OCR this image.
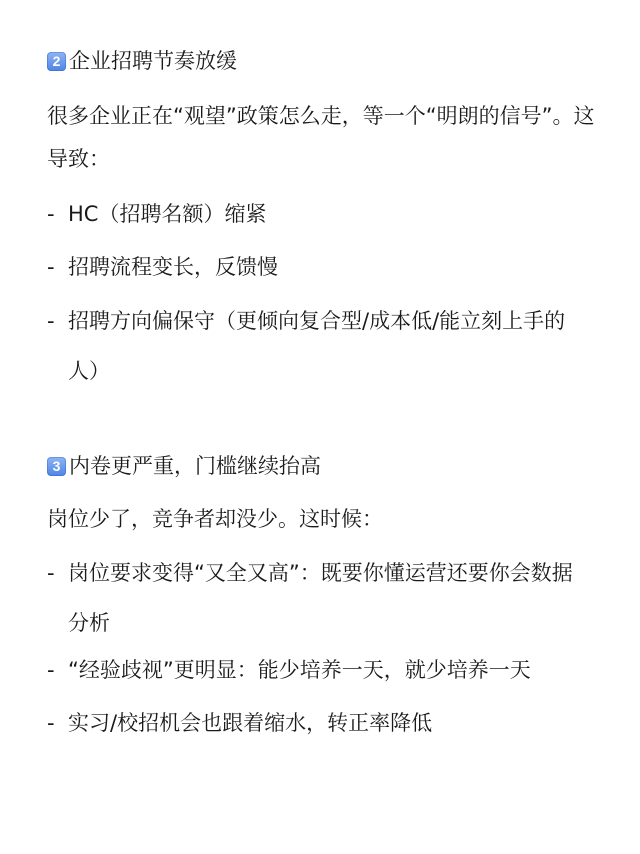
2 企业招聘节奏放缓
很多企业正在“观望”政策怎么走，等一个“明朗的信号”。这
导致：
- HC（招聘名额）缩紧
- 招聘流程变长，反馈慢
- 招聘方向偏保守（更倾向复合型/成本低/能立刻上手的
人）
3 内卷更严重，门槛继续抬高
岗位少了，竞争者却没少。这时候：
- 岗位要求变得“又全又高”：既要你懂运营还要你会数据
分析
- “经验歧视”更明显：能少培养一天，就少培养一天
- 实习/校招机会也跟着缩水，转正率降低
